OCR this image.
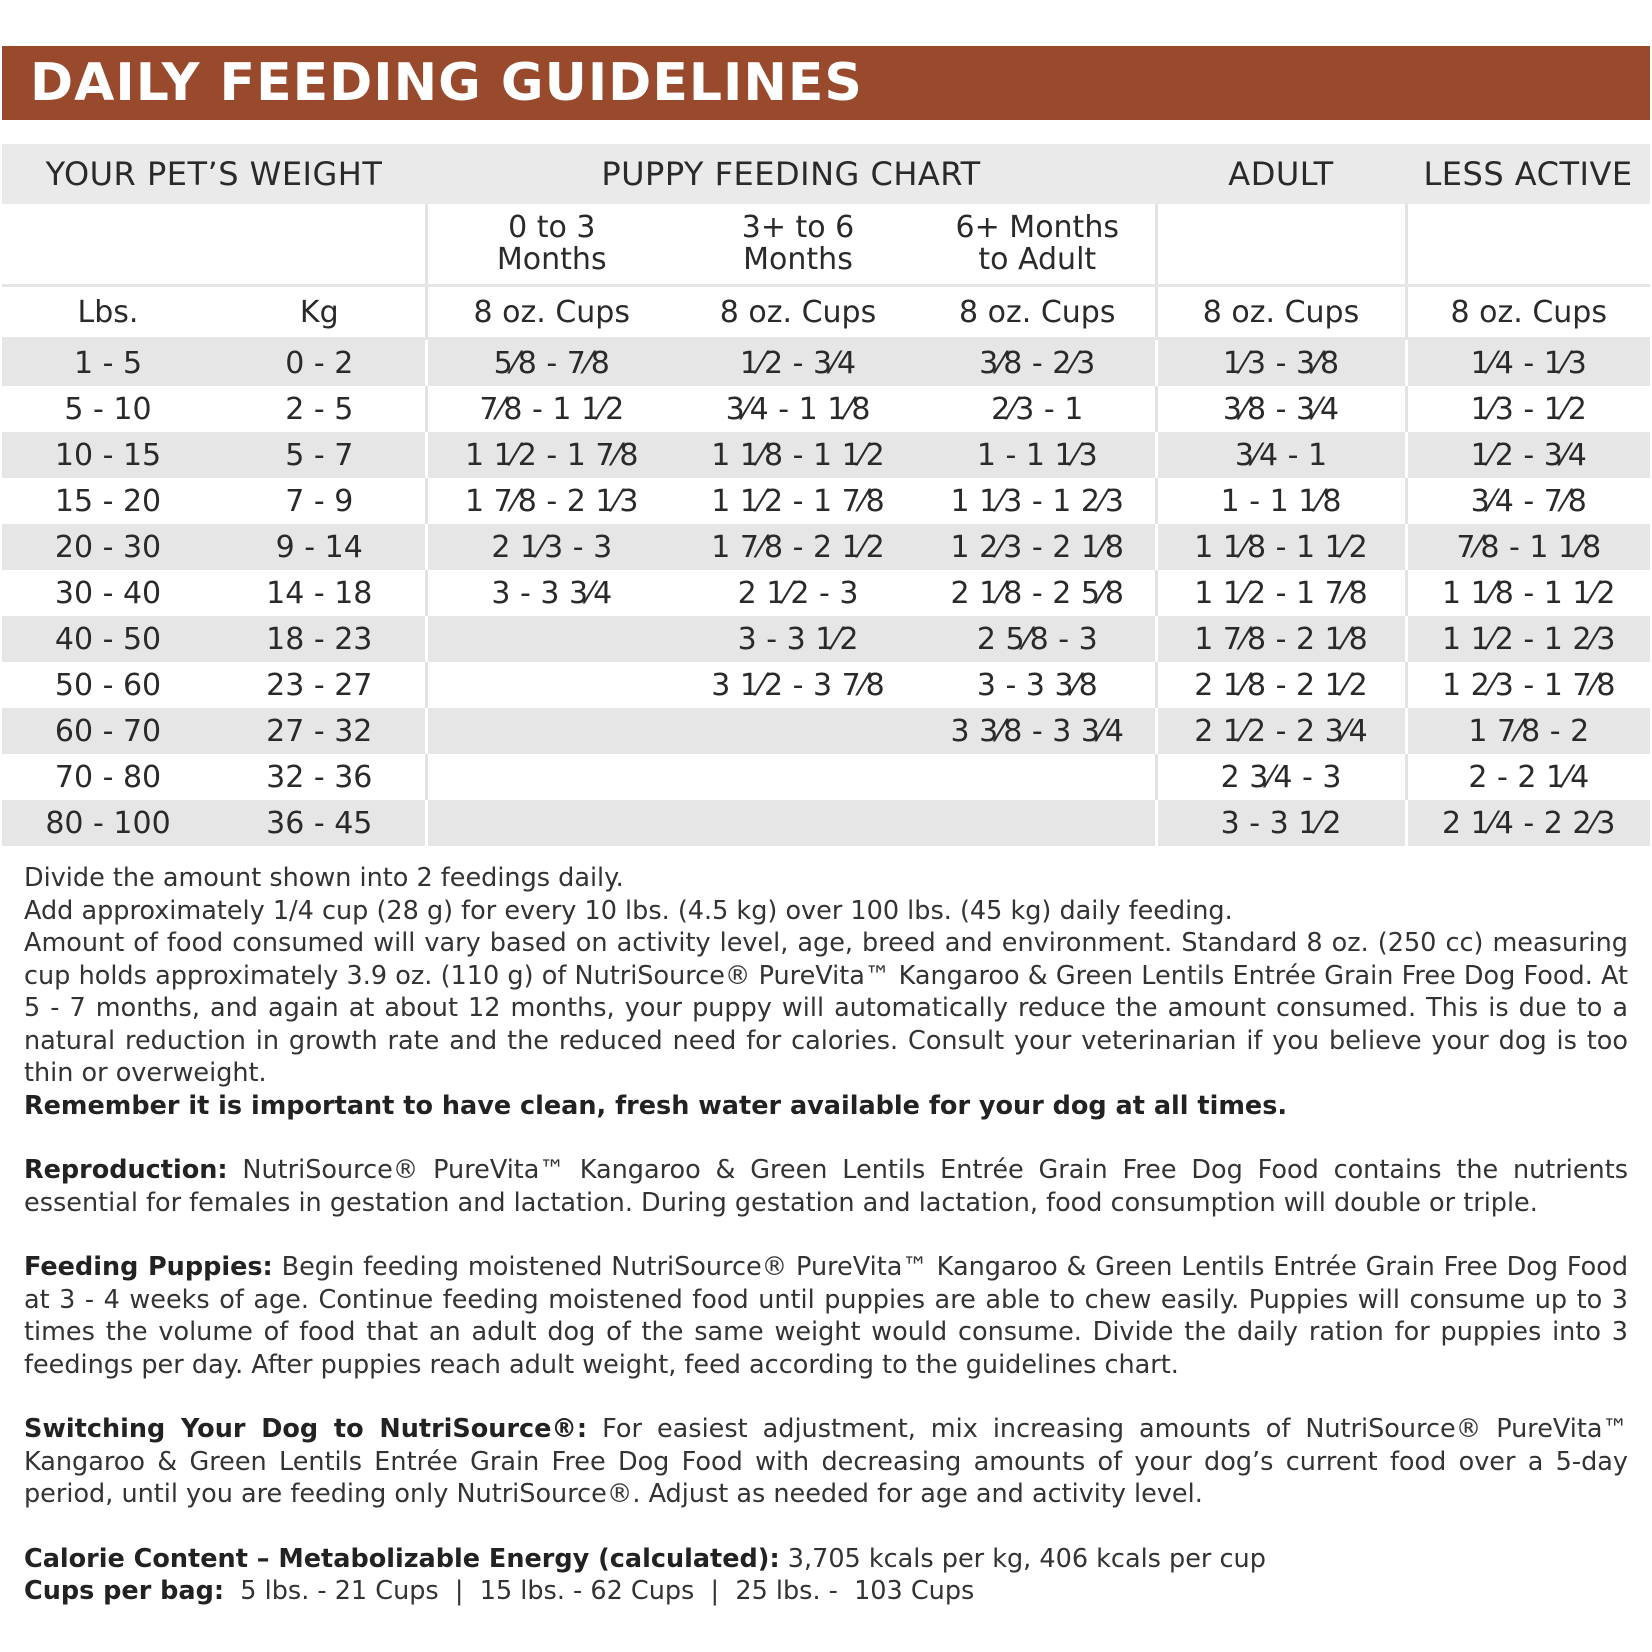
DAILY FEEDING GUIDELINES
YOUR PET’S WEIGHT		PUPPY FEEDING CHART			ADULT	LESS ACTIVE

		0 to 3 Months	3+ to 6 Months	6+ Months to Adult		

Lbs.	Kg	8 oz. Cups	8 oz. Cups	8 oz. Cups	8 oz. Cups	8 oz. Cups
1 - 5	0 - 2	5⁄8 - 7⁄8	1⁄2 - 3⁄4	3⁄8 - 2⁄3	1⁄3 - 3⁄8	1⁄4 - 1⁄3
5 - 10	2 - 5	7⁄8 - 1 1⁄2	3⁄4 - 1 1⁄8	2⁄3 - 1	3⁄8 - 3⁄4	1⁄3 - 1⁄2
10 - 15	5 - 7	1 1⁄2 - 1 7⁄8	1 1⁄8 - 1 1⁄2	1 - 1 1⁄3	3⁄4 - 1	1⁄2 - 3⁄4
15 - 20	7 - 9	1 7⁄8 - 2 1⁄3	1 1⁄2 - 1 7⁄8	1 1⁄3 - 1 2⁄3	1 - 1 1⁄8	3⁄4 - 7⁄8
20 - 30	9 - 14	2 1⁄3 - 3	1 7⁄8 - 2 1⁄2	1 2⁄3 - 2 1⁄8	1 1⁄8 - 1 1⁄2	7⁄8 - 1 1⁄8
30 - 40	14 - 18	3 - 3 3⁄4	2 1⁄2 - 3	2 1⁄8 - 2 5⁄8	1 1⁄2 - 1 7⁄8	1 1⁄8 - 1 1⁄2
40 - 50	18 - 23		3 - 3 1⁄2	2 5⁄8 - 3	1 7⁄8 - 2 1⁄8	1 1⁄2 - 1 2⁄3
50 - 60	23 - 27		3 1⁄2 - 3 7⁄8	3 - 3 3⁄8	2 1⁄8 - 2 1⁄2	1 2⁄3 - 1 7⁄8
60 - 70	27 - 32			3 3⁄8 - 3 3⁄4	2 1⁄2 - 2 3⁄4	1 7⁄8 - 2
70 - 80	32 - 36				2 3⁄4 - 3	2 - 2 1⁄4
80 - 100	36 - 45				3 - 3 1⁄2	2 1⁄4 - 2 2⁄3

Divide the amount shown into 2 feedings daily.

Add approximately 1/4 cup (28 g) for every 10 lbs. (4.5 kg) over 100 lbs. (45 kg) daily feeding.

Amount of food consumed will vary based on activity level, age, breed and environment. Standard 8 oz. (250 cc) measuring cup holds approximately 3.9 oz. (110 g) of NutriSource® PureVita™ Kangaroo & Green Lentils Entrée Grain Free Dog Food. At 5 - 7 months, and again at about 12 months, your puppy will automatically reduce the amount consumed. This is due to a natural reduction in growth rate and the reduced need for calories. Consult your veterinarian if you believe your dog is too thin or overweight.

Remember it is important to have clean, fresh water available for your dog at all times.

Reproduction: NutriSource® PureVita™ Kangaroo & Green Lentils Entrée Grain Free Dog Food contains the nutrients essential for females in gestation and lactation. During gestation and lactation, food consumption will double or triple.

Feeding Puppies: Begin feeding moistened NutriSource® PureVita™ Kangaroo & Green Lentils Entrée Grain Free Dog Food at 3 - 4 weeks of age. Continue feeding moistened food until puppies are able to chew easily. Puppies will consume up to 3 times the volume of food that an adult dog of the same weight would consume. Divide the daily ration for puppies into 3 feedings per day. After puppies reach adult weight, feed according to the guidelines chart.

Switching Your Dog to NutriSource®: For easiest adjustment, mix increasing amounts of NutriSource® PureVita™ Kangaroo & Green Lentils Entrée Grain Free Dog Food with decreasing amounts of your dog’s current food over a 5-day period, until you are feeding only NutriSource®. Adjust as needed for age and activity level.

Calorie Content – Metabolizable Energy (calculated): 3,705 kcals per kg, 406 kcals per cup

Cups per bag:  5 lbs. - 21 Cups  |  15 lbs. - 62 Cups  |  25 lbs. -  103 Cups
